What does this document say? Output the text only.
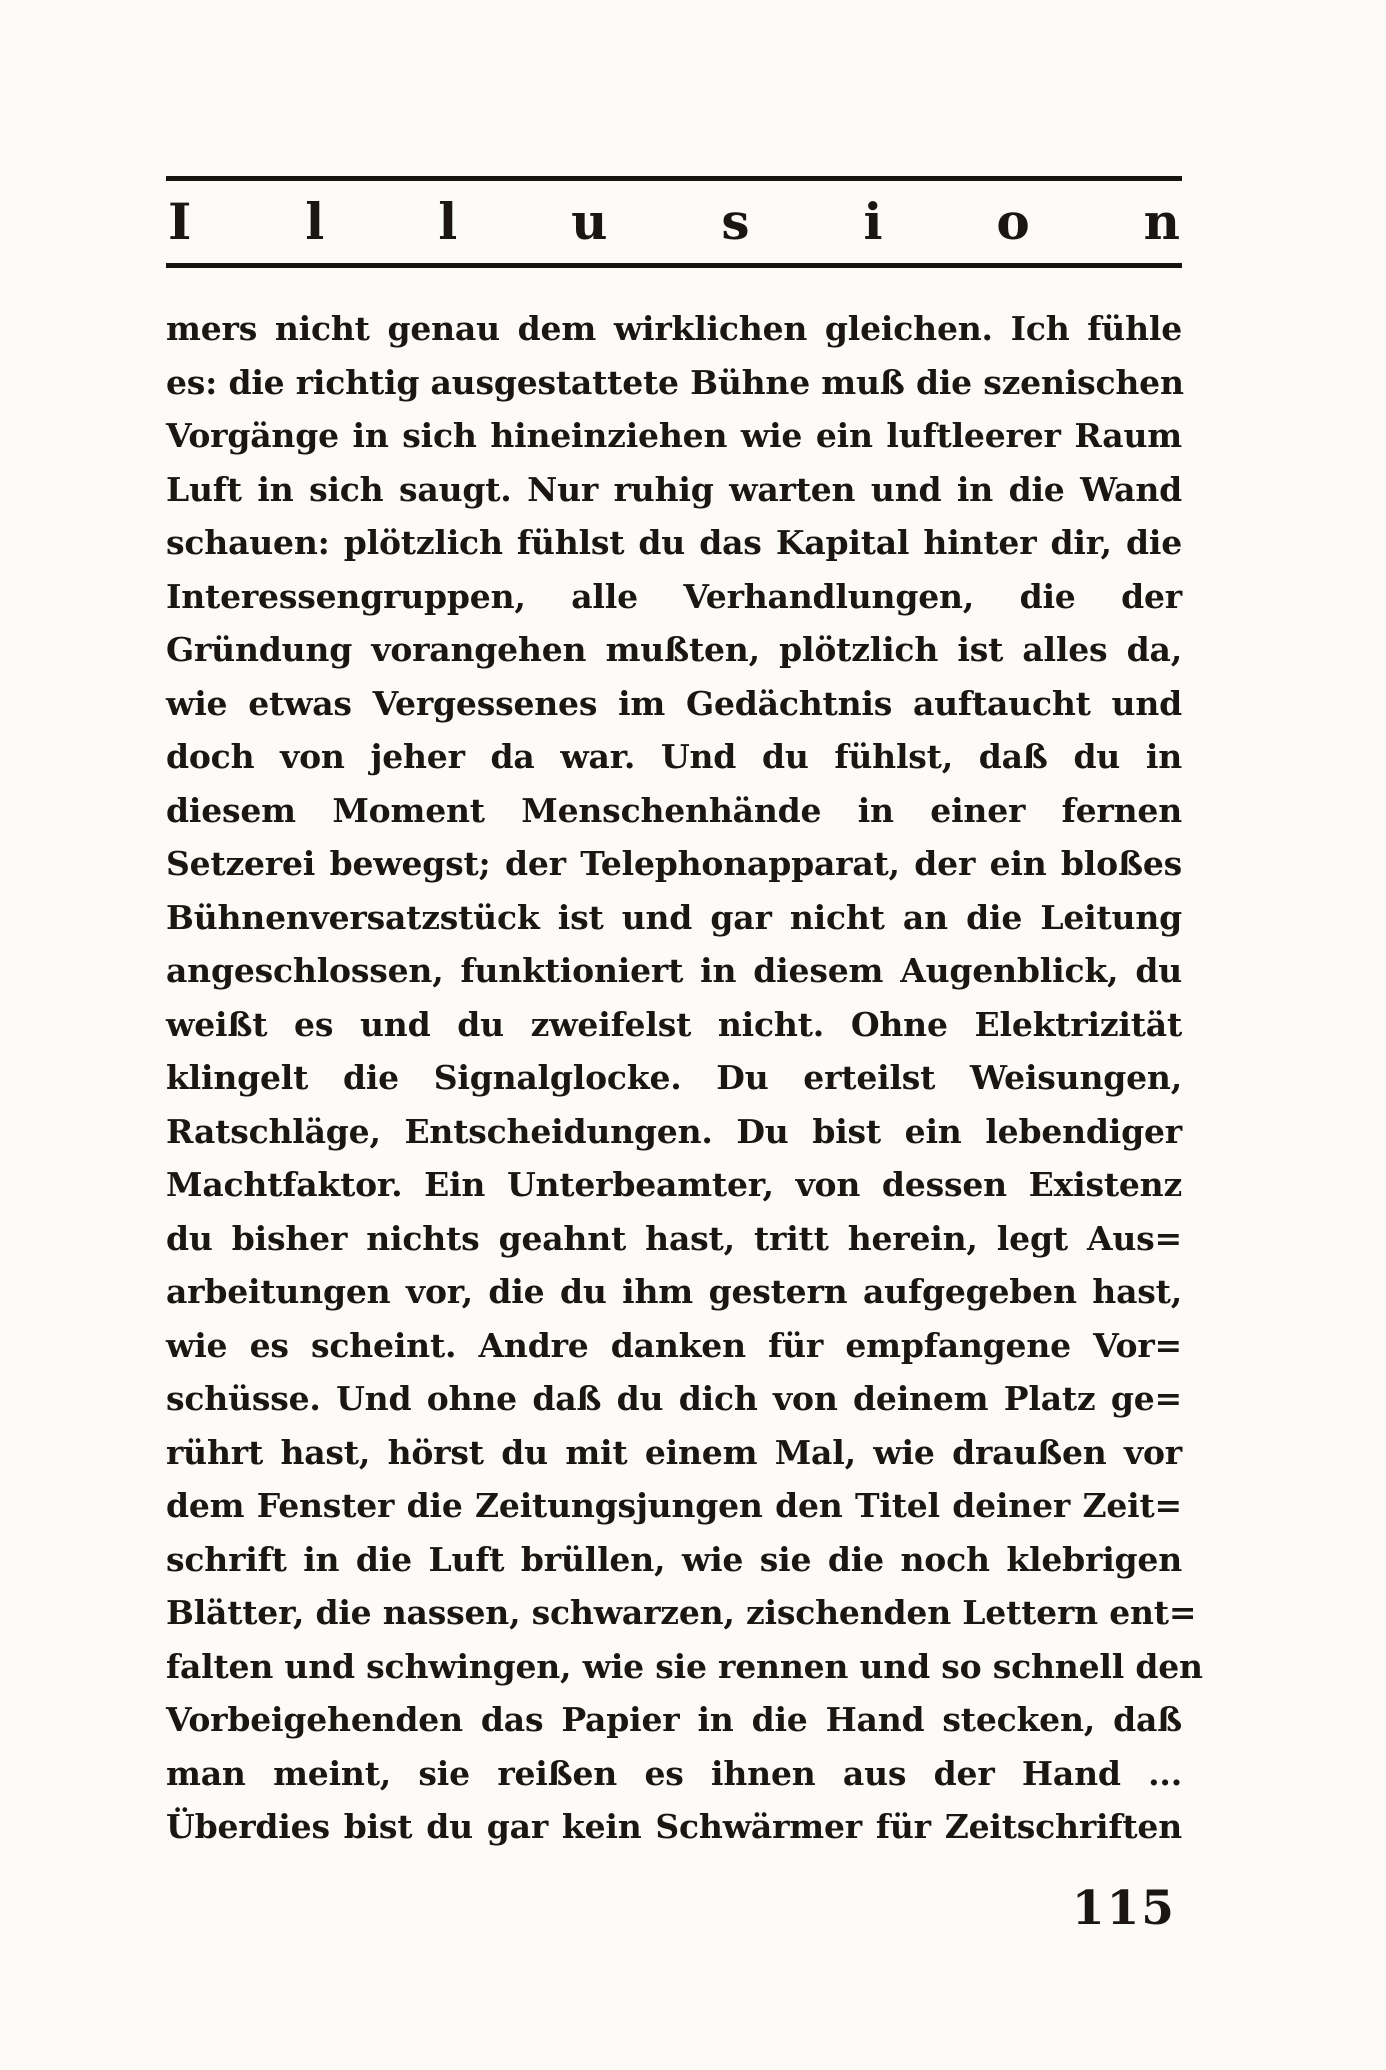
I l l u s i o n
mers nicht genau dem wirklichen gleichen. Ich fühle
es: die richtig ausgestattete Bühne muß die szenischen
Vorgänge in sich hineinziehen wie ein luftleerer Raum
Luft in sich saugt. Nur ruhig warten und in die Wand
schauen: plötzlich fühlst du das Kapital hinter dir, die
Interessengruppen, alle Verhandlungen, die der
Gründung vorangehen mußten, plötzlich ist alles da,
wie etwas Vergessenes im Gedächtnis auftaucht und
doch von jeher da war. Und du fühlst, daß du in
diesem Moment Menschenhände in einer fernen
Setzerei bewegst; der Telephonapparat, der ein bloßes
Bühnenversatzstück ist und gar nicht an die Leitung
angeschlossen, funktioniert in diesem Augenblick, du
weißt es und du zweifelst nicht. Ohne Elektrizität
klingelt die Signalglocke. Du erteilst Weisungen,
Ratschläge, Entscheidungen. Du bist ein lebendiger
Machtfaktor. Ein Unterbeamter, von dessen Existenz
du bisher nichts geahnt hast, tritt herein, legt Aus=
arbeitungen vor, die du ihm gestern aufgegeben hast,
wie es scheint. Andre danken für empfangene Vor=
schüsse. Und ohne daß du dich von deinem Platz ge=
rührt hast, hörst du mit einem Mal, wie draußen vor
dem Fenster die Zeitungsjungen den Titel deiner Zeit=
schrift in die Luft brüllen, wie sie die noch klebrigen
Blätter, die nassen, schwarzen, zischenden Lettern ent=
falten und schwingen, wie sie rennen und so schnell den
Vorbeigehenden das Papier in die Hand stecken, daß
man meint, sie reißen es ihnen aus der Hand ...
Überdies bist du gar kein Schwärmer für Zeitschriften
115
